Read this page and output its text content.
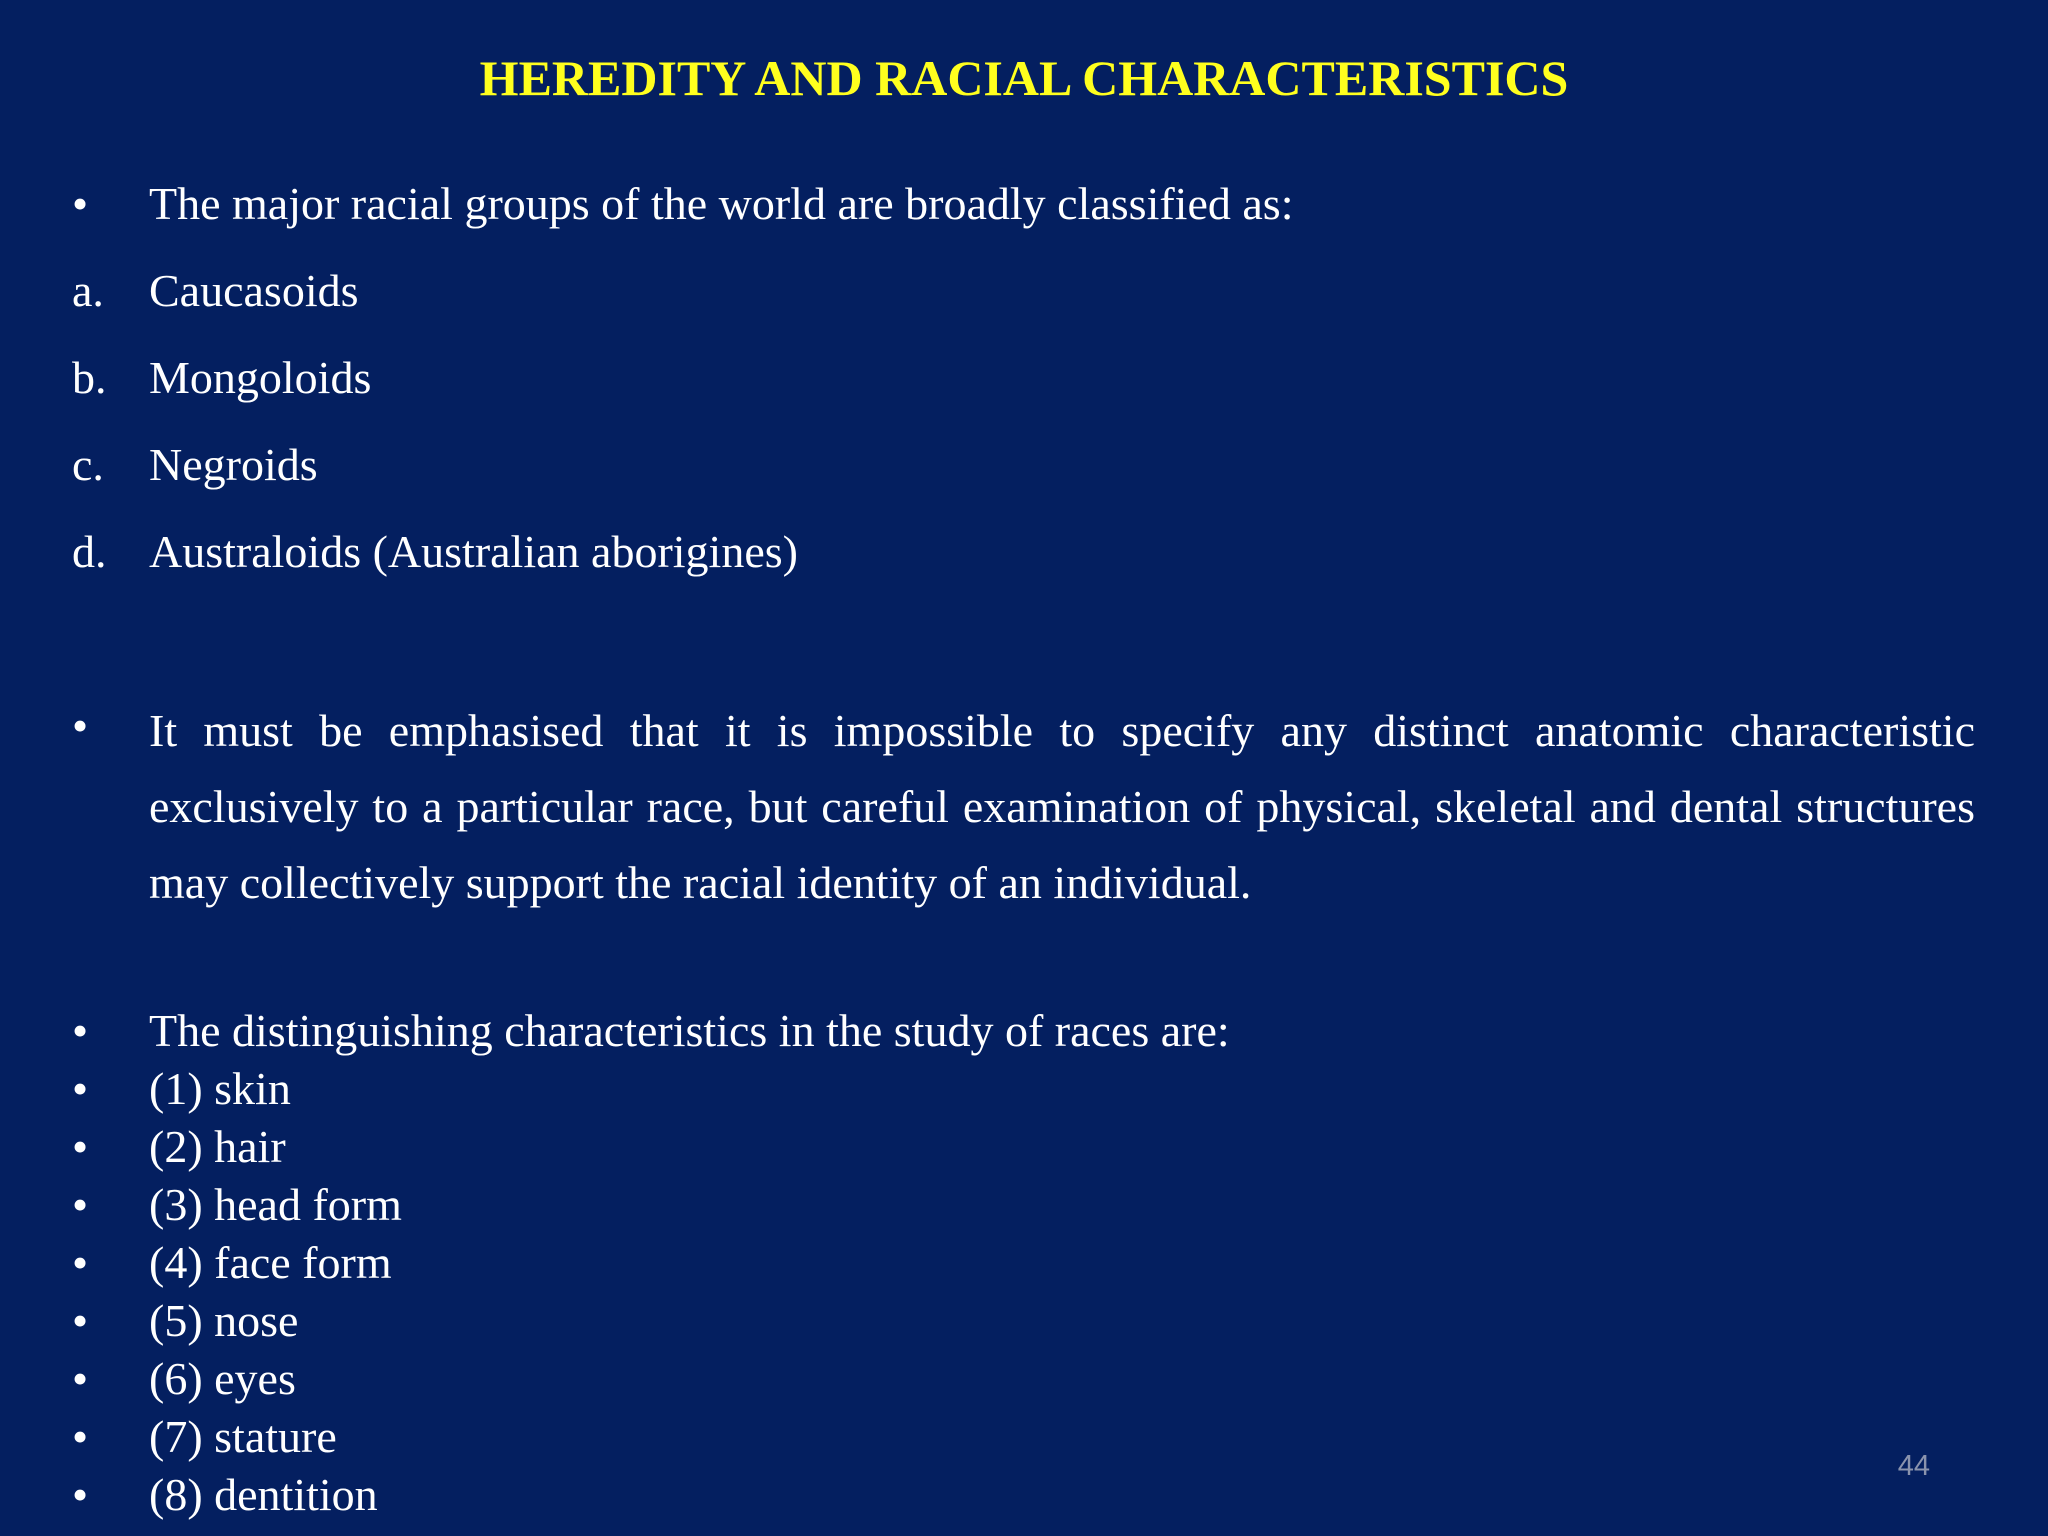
HEREDITY AND RACIAL CHARACTERISTICS
• The major racial groups of the world are broadly classified as:
a. Caucasoids
b. Mongoloids
c. Negroids
d. Australoids (Australian aborigines)
• It must be emphasised that it is impossible to specify any distinct anatomic characteristic exclusively to a particular race, but careful examination of physical, skeletal and dental structures may collectively support the racial identity of an individual.
• The distinguishing characteristics in the study of races are:
• (1) skin
• (2) hair
• (3) head form
• (4) face form
• (5) nose
• (6) eyes
• (7) stature
• (8) dentition
44
